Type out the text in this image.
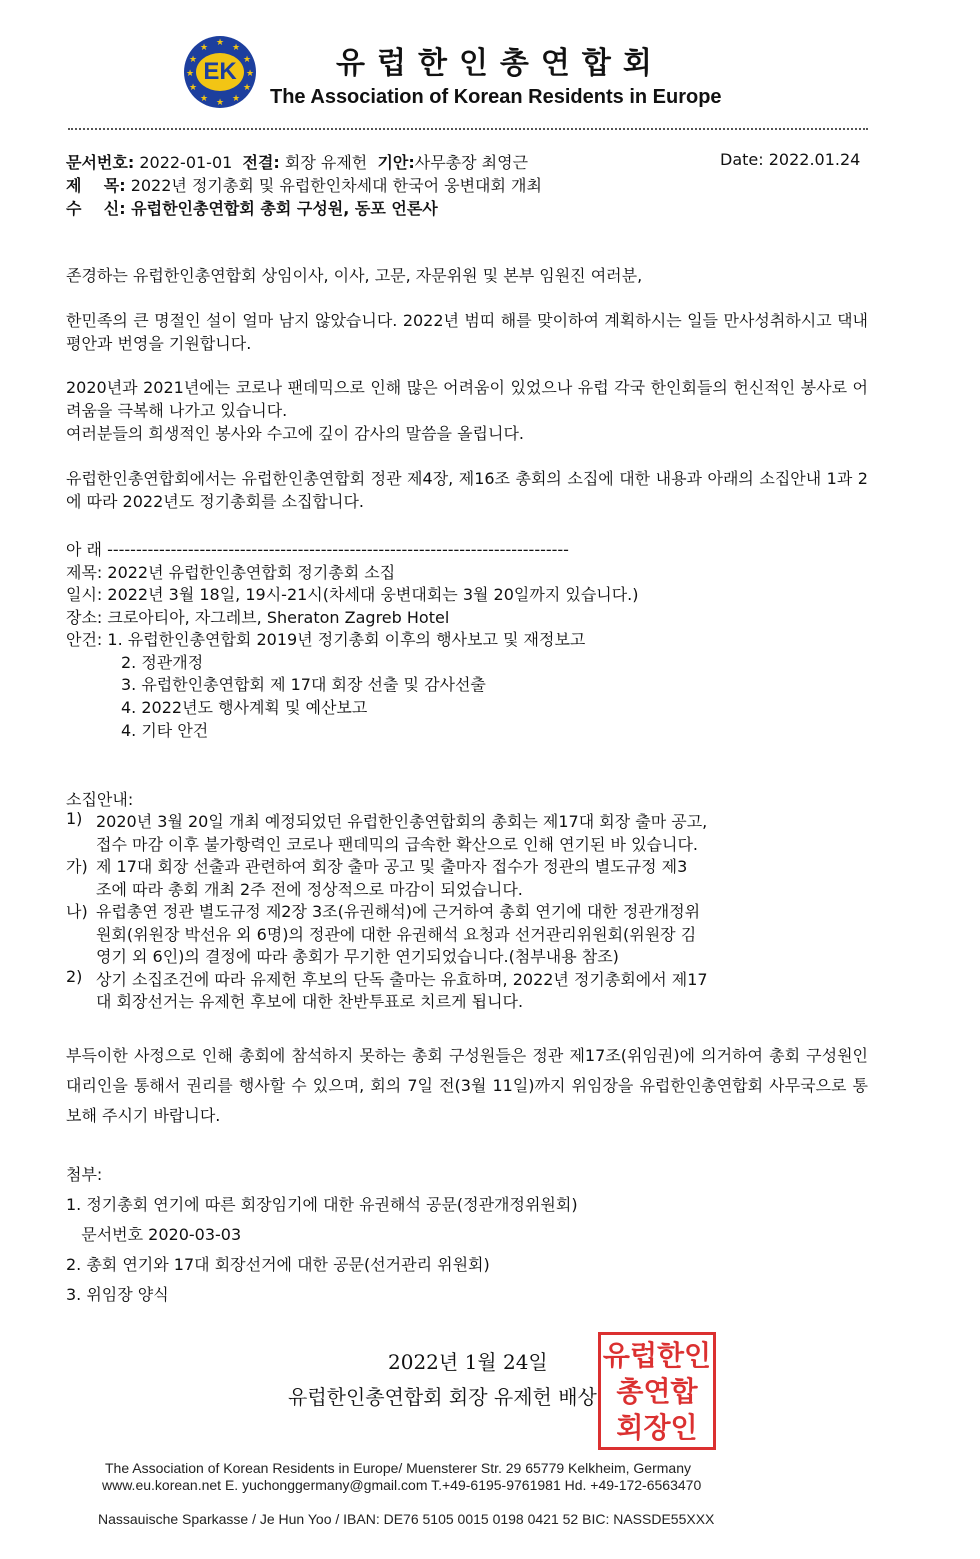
★ ★
★
★
★
★
★
★
★
★
★
★
EK	유럽한인총연합회
The Association of Korean Residents in Europe
문서번호: 2022-01-01 전결: 회장 유제헌 기안:사무총장 최영근	Date: 2022.01.24
제    목: 2022년 정기총회 및 유럽한인차세대 한국어 웅변대회 개최
수    신: 유럽한인총연합회 총회 구성원, 동포 언론사
존경하는 유럽한인총연합회 상임이사, 이사, 고문, 자문위원 및 본부 임원진 여러분,
한민족의 큰 명절인 설이 얼마 남지 않았습니다. 2022년 범띠 해를 맞이하여 계획하시는 일들 만사성취하시고 댁내 평안과 번영을 기원합니다.
2020년과 2021년에는 코로나 팬데믹으로 인해 많은 어려움이 있었으나 유럽 각국 한인회들의 헌신적인 봉사로 어려움을 극복해 나가고 있습니다.
여러분들의 희생적인 봉사와 수고에 깊이 감사의 말씀을 올립니다.
유럽한인총연합회에서는 유럽한인총연합회 정관 제4장, 제16조 총회의 소집에 대한 내용과 아래의 소집안내 1과 2에 따라 2022년도 정기총회를 소집합니다.
아 래 --------------------------------------------------------------------------------
제목: 2022년 유럽한인총연합회 정기총회 소집
일시: 2022년 3월 18일, 19시-21시(차세대 웅변대회는 3월 20일까지 있습니다.)
장소: 크로아티아, 자그레브, Sheraton Zagreb Hotel
안건: 1. 유럽한인총연합회 2019년 정기총회 이후의 행사보고 및 재정보고
2. 정관개정
3. 유럽한인총연합회 제 17대 회장 선출 및 감사선출
4. 2022년도 행사계획 및 예산보고
4. 기타 안건
소집안내:
1) 2020년 3월 20일 개최 예정되었던 유럽한인총연합회의 총회는 제17대 회장 출마 공고,
접수 마감 이후 불가항력인 코로나 팬데믹의 급속한 확산으로 인해 연기된 바 있습니다.
가) 제 17대 회장 선출과 관련하여 회장 출마 공고 및 출마자 접수가 정관의 별도규정 제3
조에 따라 총회 개최 2주 전에 정상적으로 마감이 되었습니다.
나) 유럽총연 정관 별도규정 제2장 3조(유권해석)에 근거하여 총회 연기에 대한 정관개정위
원회(위원장 박선유 외 6명)의 정관에 대한 유권해석 요청과 선거관리위원회(위원장 김
영기 외 6인)의 결정에 따라 총회가 무기한 연기되었습니다.(첨부내용 참조)
2) 상기 소집조건에 따라 유제헌 후보의 단독 출마는 유효하며, 2022년 정기총회에서 제17
대 회장선거는 유제헌 후보에 대한 찬반투표로 치르게 됩니다.
부득이한 사정으로 인해 총회에 참석하지 못하는 총회 구성원들은 정관 제17조(위임권)에 의거하여 총회 구성원인 대리인을 통해서 권리를 행사할 수 있으며, 회의 7일 전(3월 11일)까지 위임장을 유럽한인총연합회 사무국으로 통보해 주시기 바랍니다.
첨부:
1. 정기총회 연기에 따른 회장임기에 대한 유권해석 공문(정관개정위원회)
문서번호 2020-03-03
2. 총회 연기와 17대 회장선거에 대한 공문(선거관리 위원회)
3. 위임장 양식
2022년 1월 24일
유럽한인총연합회 회장 유제헌 배상
유럽한인
총연합
회장인
The Association of Korean Residents in Europe/ Muensterer Str. 29 65779 Kelkheim, Germany
www.eu.korean.net E. yuchonggermany@gmail.com T.+49-6195-9761981 Hd. +49-172-6563470
Nassauische Sparkasse / Je Hun Yoo / IBAN: DE76 5105 0015 0198 0421 52 BIC: NASSDE55XXX
